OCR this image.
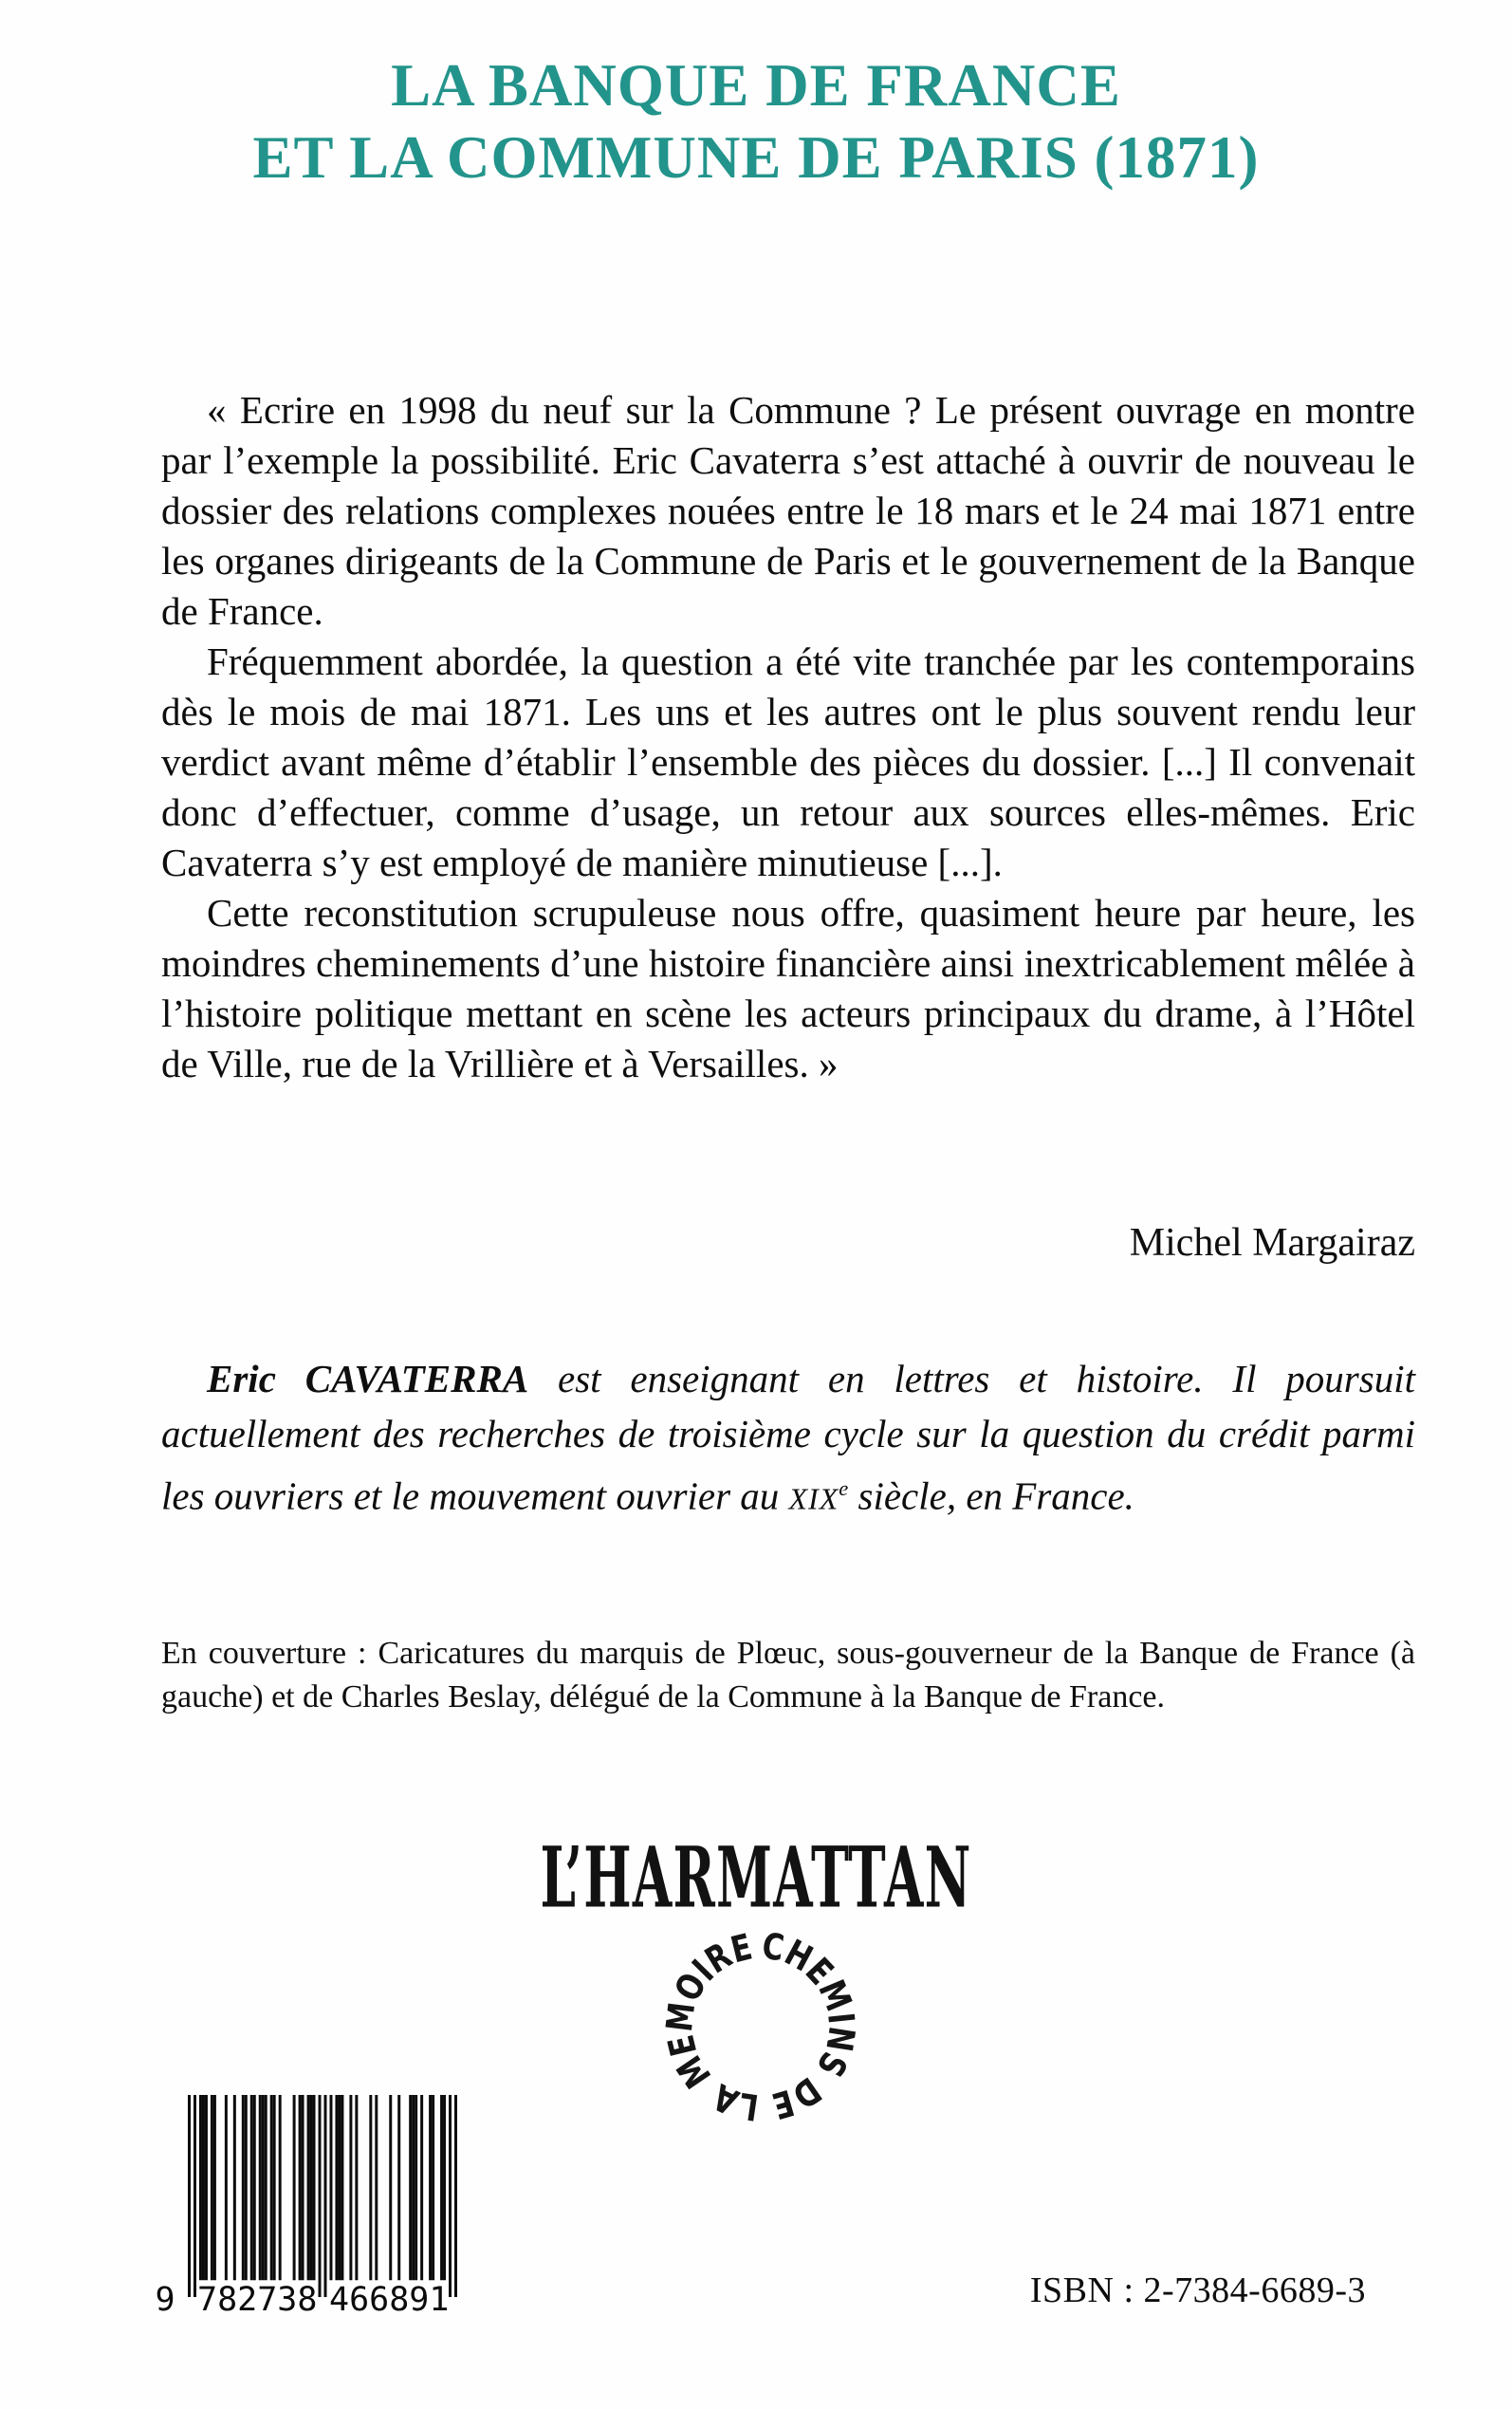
LA BANQUE DE FRANCE
ET LA COMMUNE DE PARIS (1871)

« Ecrire en 1998 du neuf sur la Commune ? Le présent ouvrage en montre par l’exemple la possibilité. Eric Cavaterra s’est attaché à ouvrir de nouveau le dossier des relations complexes nouées entre le 18 mars et le 24 mai 1871 entre les organes dirigeants de la Commune de Paris et le gouvernement de la Banque de France.

Fréquemment abordée, la question a été vite tranchée par les contemporains dès le mois de mai 1871. Les uns et les autres ont le plus souvent rendu leur verdict avant même d’établir l’ensemble des pièces du dossier. [...] Il convenait donc d’effectuer, comme d’usage, un retour aux sources elles-mêmes. Eric Cavaterra s’y est employé de manière minutieuse [...].

Cette reconstitution scrupuleuse nous offre, quasiment heure par heure, les moindres cheminements d’une histoire financière ainsi inextricablement mêlée à l’histoire politique mettant en scène les acteurs principaux du drame, à l’Hôtel de Ville, rue de la Vrillière et à Versailles. »

Michel Margairaz
Eric CAVATERRA est enseignant en lettres et histoire. Il poursuit actuellement des recherches de troisième cycle sur la question du crédit parmi les ouvriers et le mouvement ouvrier au XIXe siècle, en France.
En couverture : Caricatures du marquis de Plœuc, sous-gouverneur de la Banque de France (à gauche) et de Charles Beslay, délégué de la Commune à la Banque de France.
L’HARMATTAN
CHEMINS DE LA MEMOIRE
9 782738 466891	ISBN : 2-7384-6689-3
